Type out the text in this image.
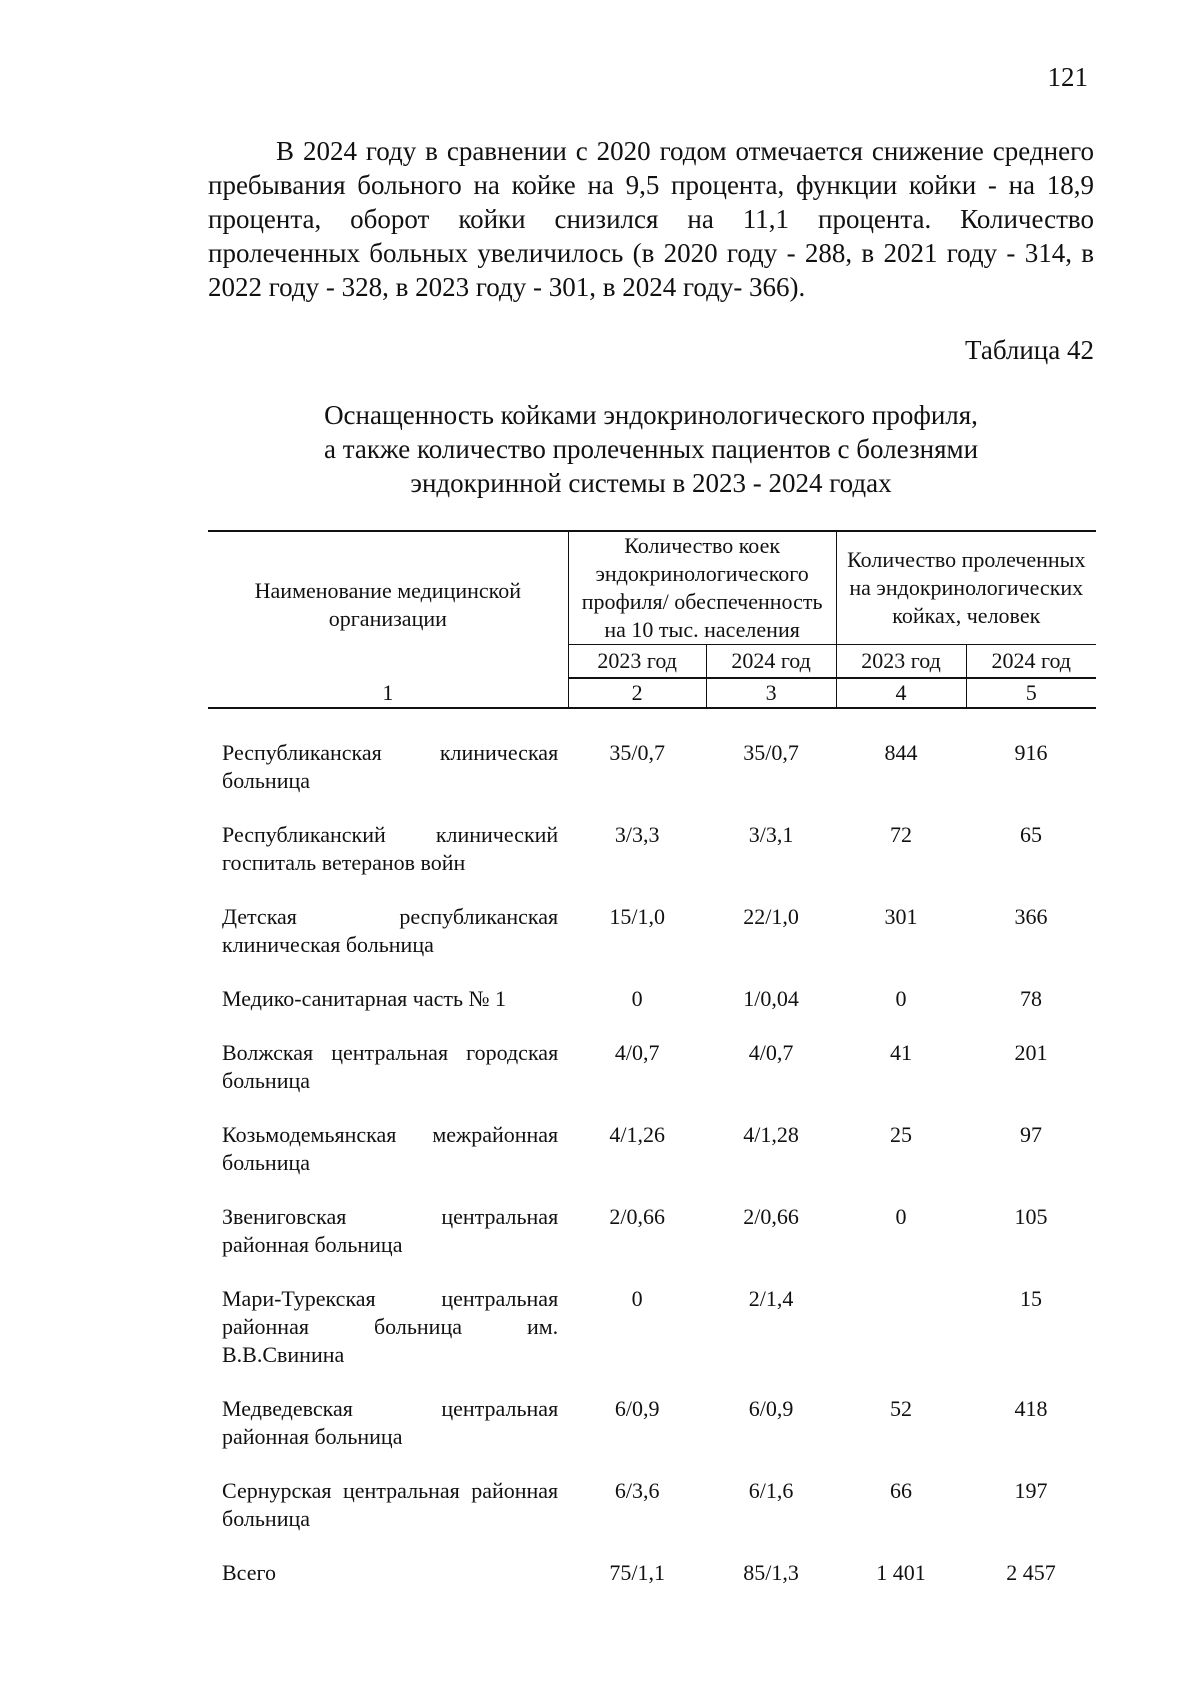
121

В 2024 году в сравнении с 2020 годом отмечается снижение среднего пребывания больного на койке на 9,5 процента, функции койки - на 18,9 процента, оборот койки снизился на 11,1 процента. Количество пролеченных больных увеличилось (в 2020 году - 288, в 2021 году - 314, в 2022 году - 328, в 2023 году - 301, в 2024 году- 366).

Таблица 42
Оснащенность койками эндокринологического профиля,
а также количество пролеченных пациентов с болезнями
эндокринной системы в 2023 - 2024 годах
Наименование медицинской организации	Количество коек эндокринологического профиля/ обеспеченность на 10 тыс. населения		Количество пролеченных на эндокринологических койках, человек	
	2023 год	2024 год	2023 год	2024 год
1	2	3	4	5

Республиканская клиническая больница	35/0,7	35/0,7	844	916
Республиканский клинический госпиталь ветеранов войн	3/3,3	3/3,1	72	65
Детская республиканская клиническая больница	15/1,0	22/1,0	301	366
Медико-санитарная часть № 1	0	1/0,04	0	78
Волжская центральная городская больница	4/0,7	4/0,7	41	201
Козьмодемьянская межрайонная больница	4/1,26	4/1,28	25	97
Звениговская центральная районная больница	2/0,66	2/0,66	0	105
Мари-Турекская центральная районная больница им. В.В.Свинина	0	2/1,4		15
Медведевская центральная районная больница	6/0,9	6/0,9	52	418
Сернурская центральная районная больница	6/3,6	6/1,6	66	197
Всего	75/1,1	85/1,3	1 401	2 457
